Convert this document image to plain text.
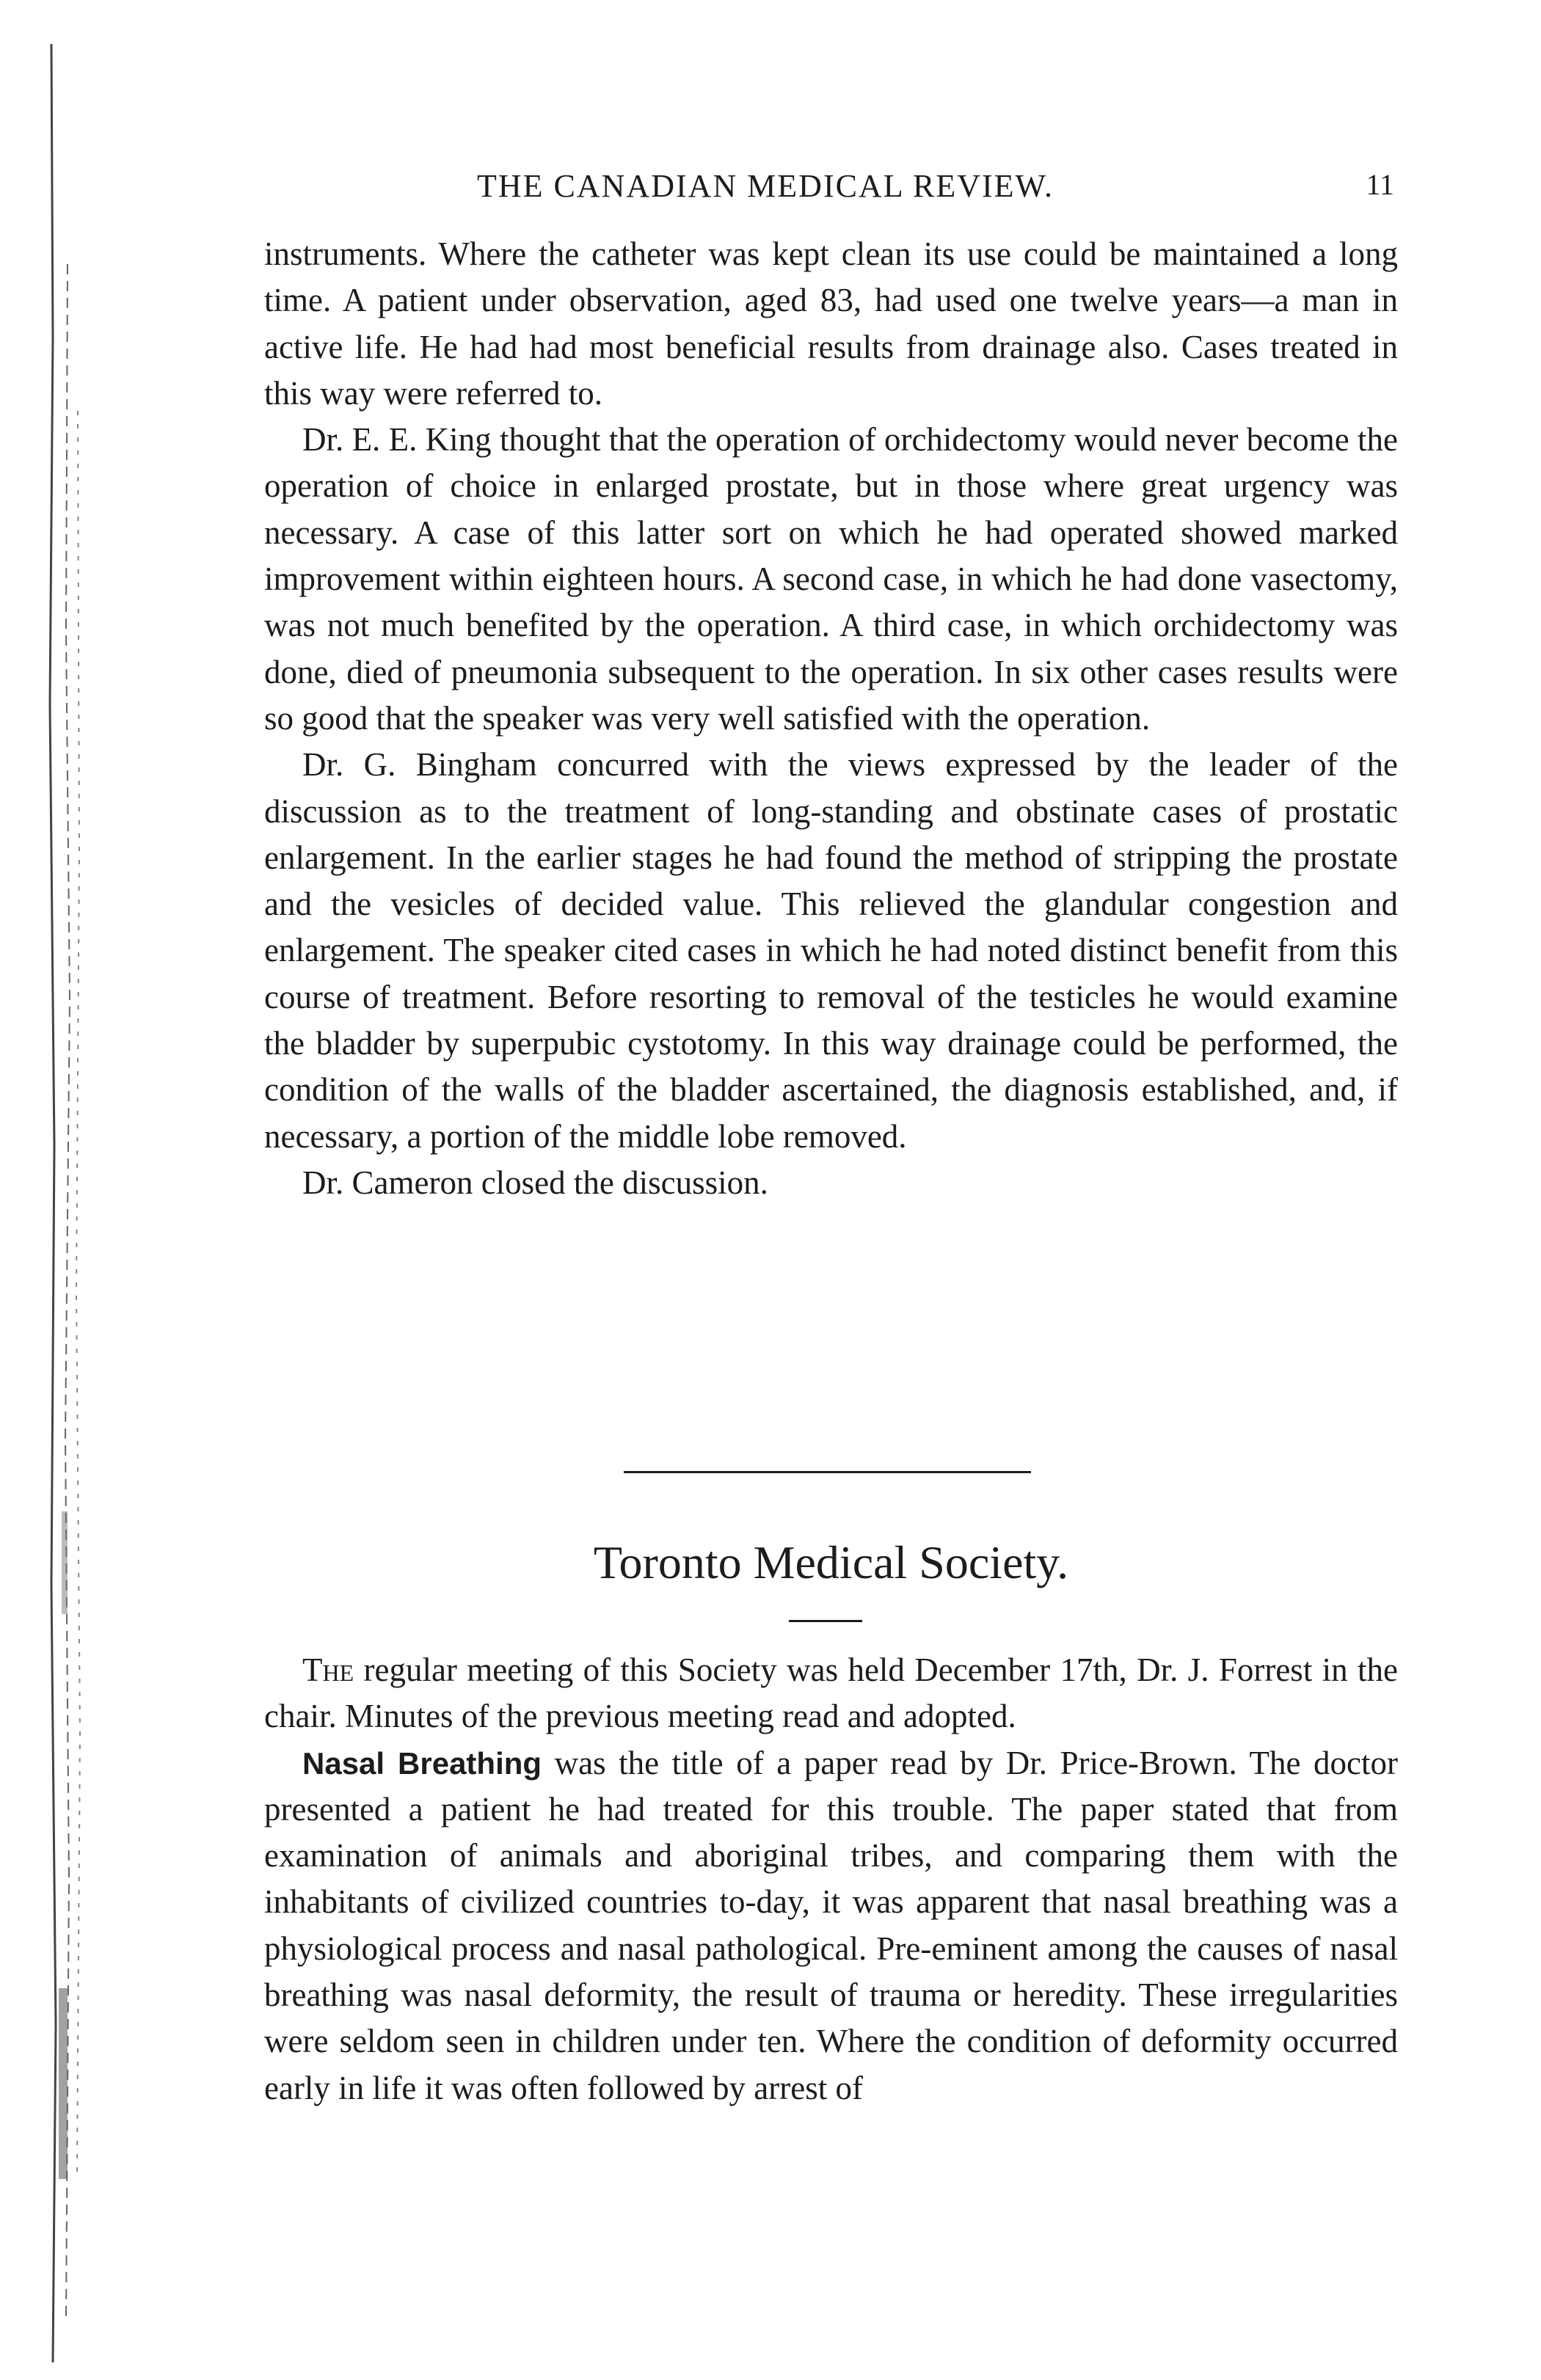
THE CANADIAN MEDICAL REVIEW.	11

instruments. Where the catheter was kept clean its use could be maintained a long time. A patient under observation, aged 83, had used one twelve years—a man in active life. He had had most beneficial results from drainage also. Cases treated in this way were referred to.

Dr. E. E. King thought that the operation of orchidectomy would never become the operation of choice in enlarged prostate, but in those where great urgency was necessary. A case of this latter sort on which he had operated showed marked improvement within eighteen hours. A second case, in which he had done vasectomy, was not much benefited by the operation. A third case, in which orchidectomy was done, died of pneumonia subsequent to the operation. In six other cases results were so good that the speaker was very well satisfied with the operation.

Dr. G. Bingham concurred with the views expressed by the leader of the discussion as to the treatment of long-standing and obstinate cases of prostatic enlargement. In the earlier stages he had found the method of stripping the prostate and the vesicles of decided value. This relieved the glandular congestion and enlargement. The speaker cited cases in which he had noted distinct benefit from this course of treatment. Before resorting to removal of the testicles he would examine the bladder by superpubic cystotomy. In this way drainage could be performed, the condition of the walls of the bladder ascertained, the diagnosis established, and, if necessary, a portion of the middle lobe removed.

Dr. Cameron closed the discussion.

Toronto Medical Society.

The regular meeting of this Society was held December 17th, Dr. J. Forrest in the chair. Minutes of the previous meeting read and adopted.

Nasal Breathing was the title of a paper read by Dr. Price-Brown. The doctor presented a patient he had treated for this trouble. The paper stated that from examination of animals and aboriginal tribes, and comparing them with the inhabitants of civilized countries to-day, it was apparent that nasal breathing was a physiological process and nasal pathological. Pre-eminent among the causes of nasal breathing was nasal deformity, the result of trauma or heredity. These irregularities were seldom seen in children under ten. Where the condition of deformity occurred early in life it was often followed by arrest of
